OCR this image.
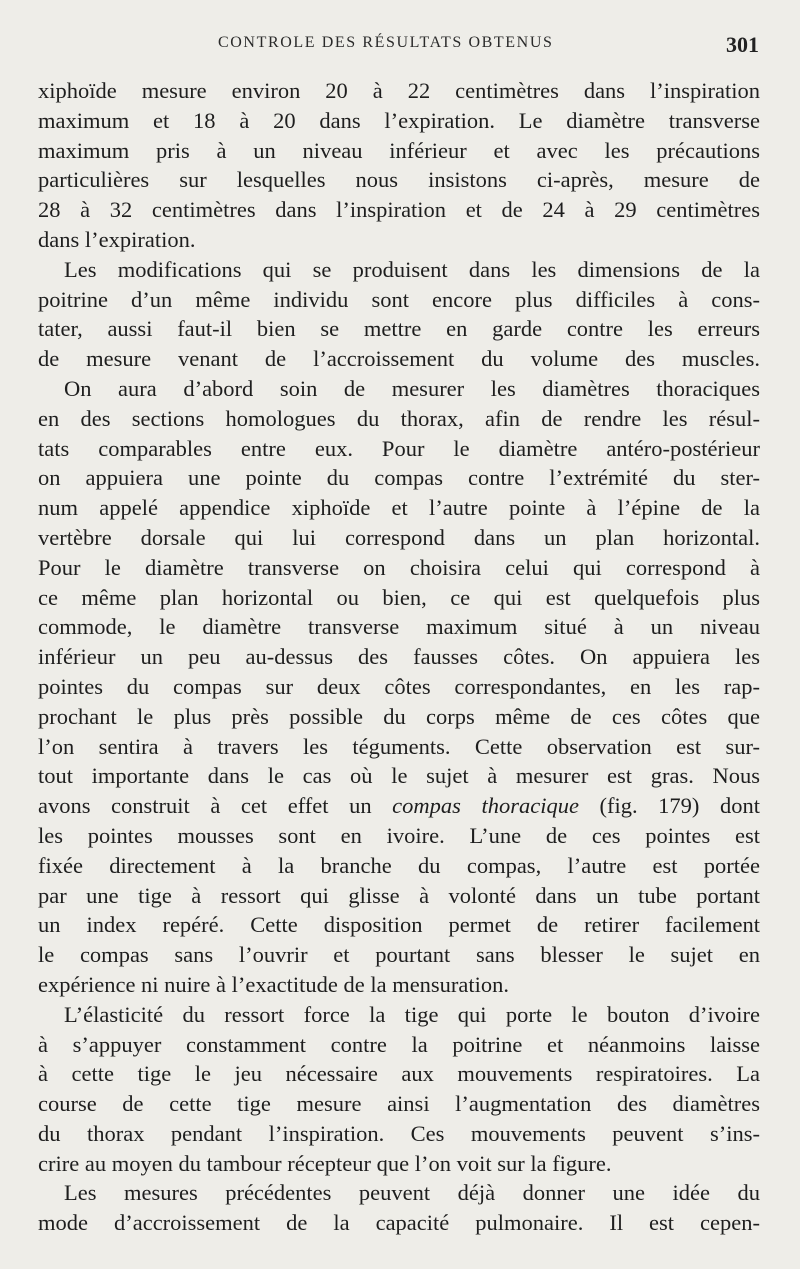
CONTROLE DES RÉSULTATS OBTENUS	301
xiphoïde mesure environ 20 à 22 centimètres dans l’inspiration
maximum et 18 à 20 dans l’expiration. Le diamètre transverse
maximum pris à un niveau inférieur et avec les précautions
particulières sur lesquelles nous insistons ci-après, mesure de
28 à 32 centimètres dans l’inspiration et de 24 à 29 centimètres
dans l’expiration.
Les modifications qui se produisent dans les dimensions de la
poitrine d’un même individu sont encore plus difficiles à cons-
tater, aussi faut-il bien se mettre en garde contre les erreurs
de mesure venant de l’accroissement du volume des muscles.
On aura d’abord soin de mesurer les diamètres thoraciques
en des sections homologues du thorax, afin de rendre les résul-
tats comparables entre eux. Pour le diamètre antéro-postérieur
on appuiera une pointe du compas contre l’extrémité du ster-
num appelé appendice xiphoïde et l’autre pointe à l’épine de la
vertèbre dorsale qui lui correspond dans un plan horizontal.
Pour le diamètre transverse on choisira celui qui correspond à
ce même plan horizontal ou bien, ce qui est quelquefois plus
commode, le diamètre transverse maximum situé à un niveau
inférieur un peu au-dessus des fausses côtes. On appuiera les
pointes du compas sur deux côtes correspondantes, en les rap-
prochant le plus près possible du corps même de ces côtes que
l’on sentira à travers les téguments. Cette observation est sur-
tout importante dans le cas où le sujet à mesurer est gras. Nous
avons construit à cet effet un compas thoracique (fig. 179) dont
les pointes mousses sont en ivoire. L’une de ces pointes est
fixée directement à la branche du compas, l’autre est portée
par une tige à ressort qui glisse à volonté dans un tube portant
un index repéré. Cette disposition permet de retirer facilement
le compas sans l’ouvrir et pourtant sans blesser le sujet en
expérience ni nuire à l’exactitude de la mensuration.
L’élasticité du ressort force la tige qui porte le bouton d’ivoire
à s’appuyer constamment contre la poitrine et néanmoins laisse
à cette tige le jeu nécessaire aux mouvements respiratoires. La
course de cette tige mesure ainsi l’augmentation des diamètres
du thorax pendant l’inspiration. Ces mouvements peuvent s’ins-
crire au moyen du tambour récepteur que l’on voit sur la figure.
Les mesures précédentes peuvent déjà donner une idée du
mode d’accroissement de la capacité pulmonaire. Il est cepen-
